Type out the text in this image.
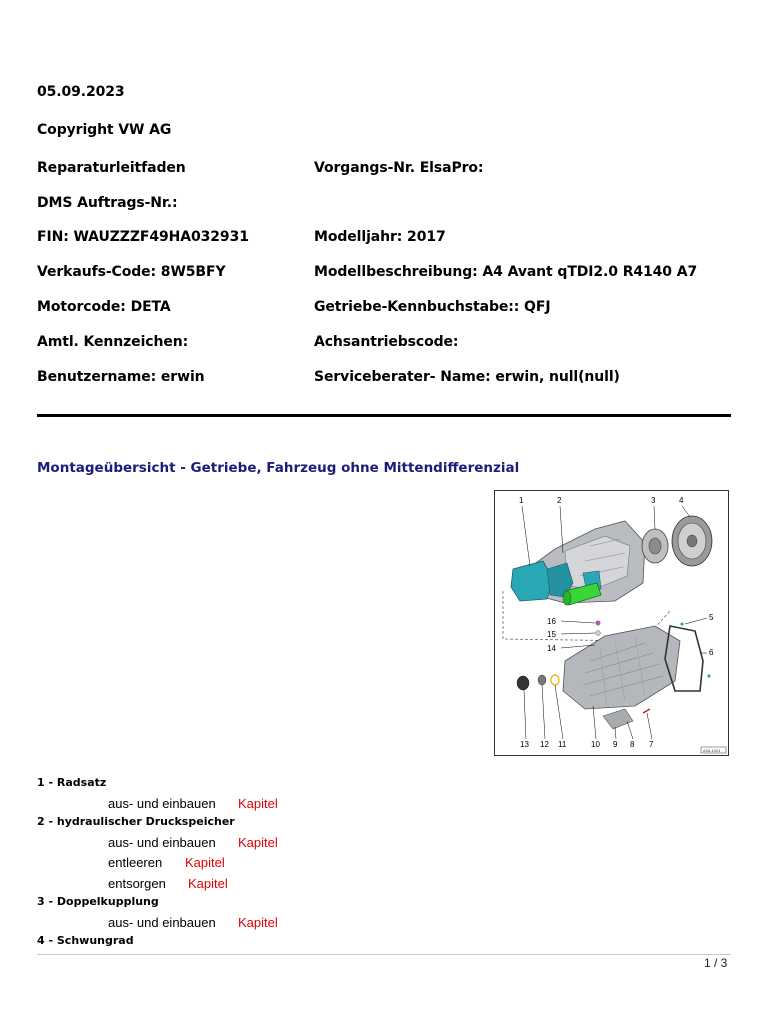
05.09.2023
Copyright VW AG
Reparaturleitfaden	Vorgangs-Nr. ElsaPro:
DMS Auftrags-Nr.:
FIN: WAUZZZF49HA032931	Modelljahr: 2017
Verkaufs-Code: 8W5BFY	Modellbeschreibung: A4 Avant qTDI2.0 R4140 A7
Motorcode: DETA	Getriebe-Kennbuchstabe:: QFJ
Amtl. Kennzeichen:	Achsantriebscode:
Benutzername: erwin	Serviceberater- Name: erwin, null(null)
Montageübersicht - Getriebe, Fahrzeug ohne Mittendifferenzial
1	2	3	4
5
6
7
8
9
10
11
12
13
14
15
16
A34-1024
1 - Radsatz
aus- und einbauen Kapitel
2 - hydraulischer Druckspeicher
aus- und einbauen Kapitel
entleeren Kapitel
entsorgen Kapitel
3 - Doppelkupplung
aus- und einbauen Kapitel
4 - Schwungrad
1 / 3
